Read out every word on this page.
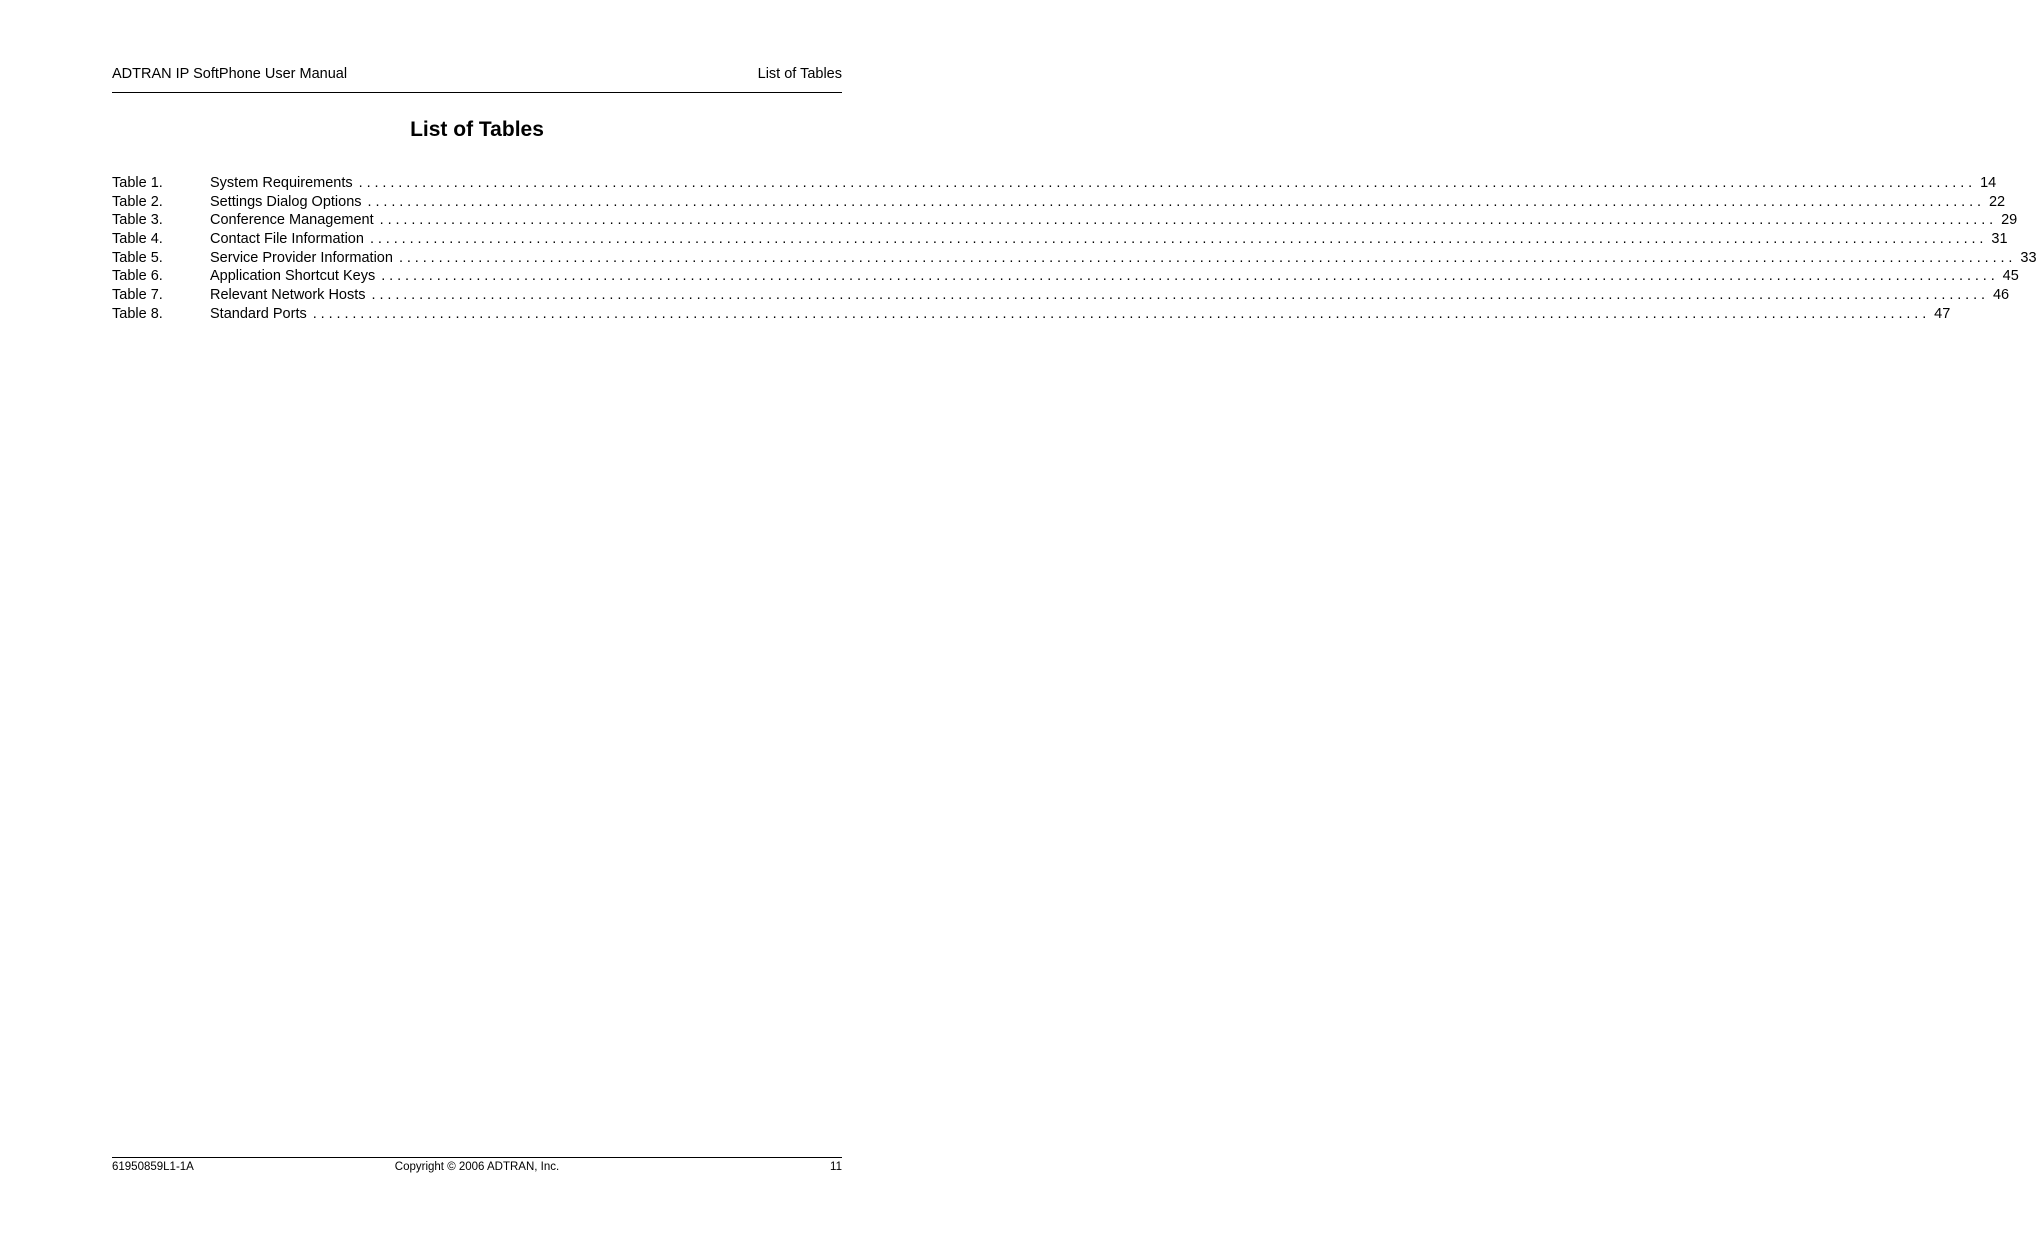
ADTRAN IP SoftPhone User Manual	List of Tables
List of Tables
Table 1.	System Requirements ............................................................................................................................................................................................................ 14
Table 2.	Settings Dialog Options ............................................................................................................................................................................................................ 22
Table 3.	Conference Management ............................................................................................................................................................................................................ 29
Table 4.	Contact File Information ............................................................................................................................................................................................................ 31
Table 5.	Service Provider Information ............................................................................................................................................................................................................ 33
Table 6.	Application Shortcut Keys ............................................................................................................................................................................................................ 45
Table 7.	Relevant Network Hosts ............................................................................................................................................................................................................ 46
Table 8.	Standard Ports ............................................................................................................................................................................................................ 47
61950859L1-1A	Copyright © 2006 ADTRAN, Inc.	11
